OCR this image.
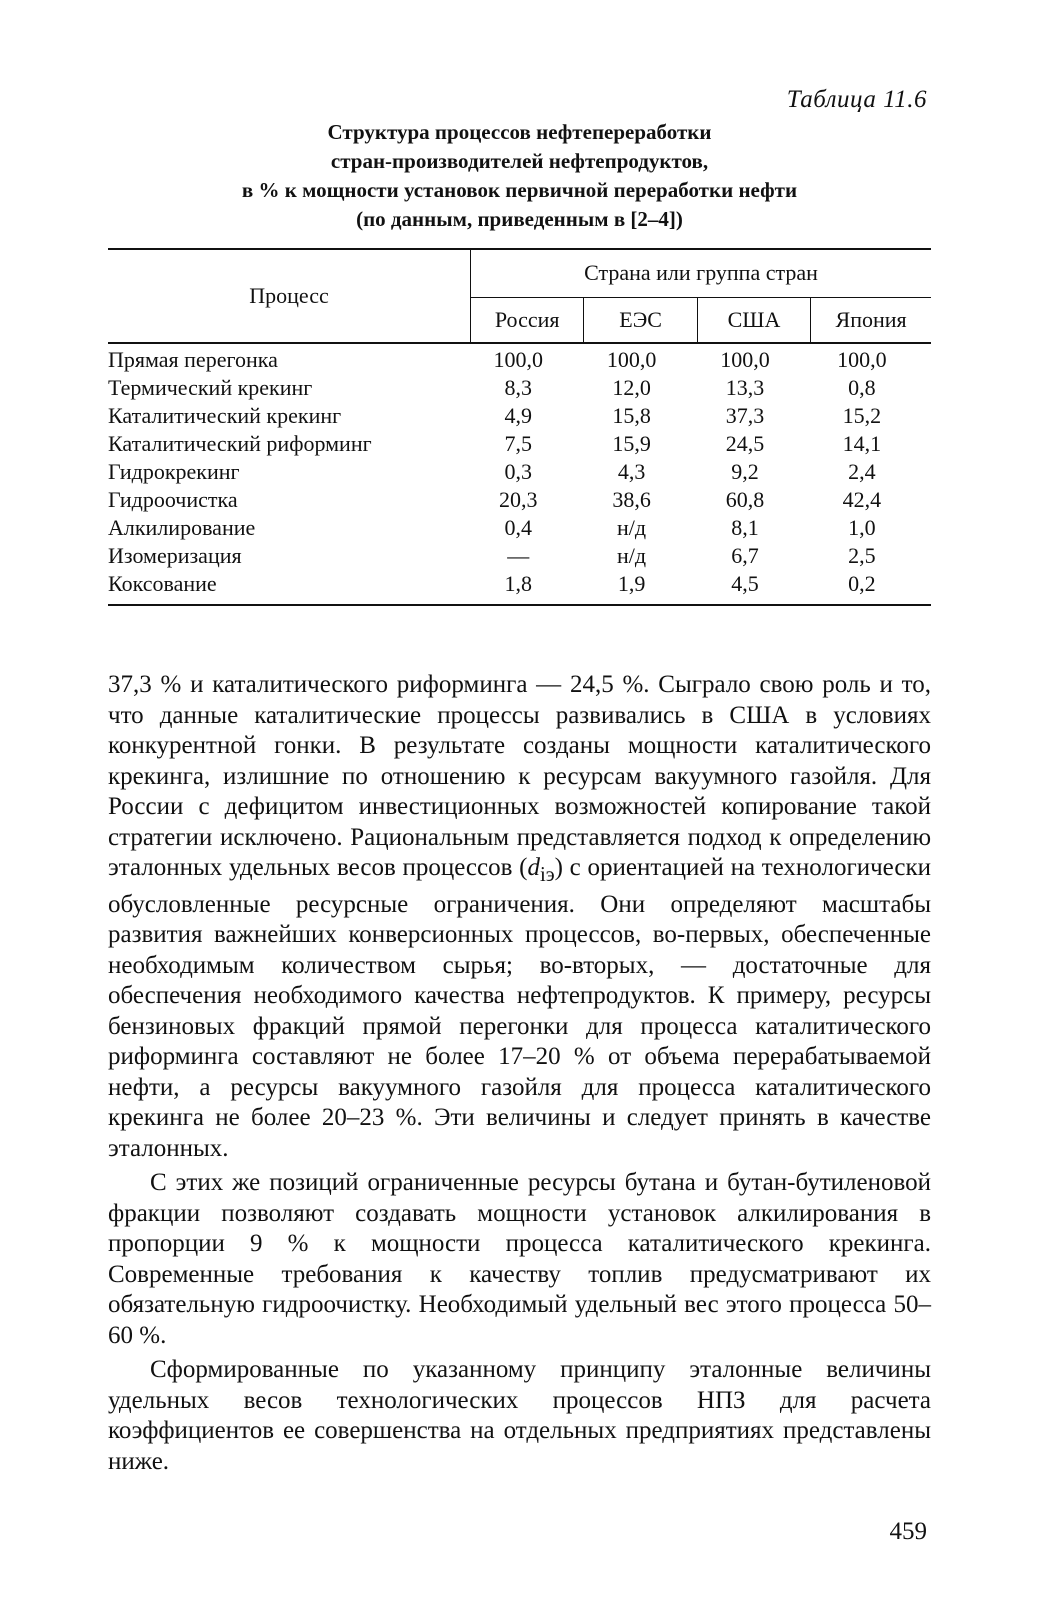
Таблица 11.6
Структура процессов нефтепереработки
стран-производителей нефтепродуктов,
в % к мощности установок первичной переработки нефти
(по данным, приведенным в [2–4])
Процесс	Страна или группа стран			
	Россия	ЕЭС	США	Япония
Прямая перегонка	100,0	100,0	100,0	100,0
Термический крекинг	8,3	12,0	13,3	0,8
Каталитический крекинг	4,9	15,8	37,3	15,2
Каталитический риформинг	7,5	15,9	24,5	14,1
Гидрокрекинг	0,3	4,3	9,2	2,4
Гидроочистка	20,3	38,6	60,8	42,4
Алкилирование	0,4	н/д	8,1	1,0
Изомеризация	—	н/д	6,7	2,5
Коксование	1,8	1,9	4,5	0,2

37,3 % и каталитического риформинга — 24,5 %. Сыграло свою роль и то, что данные каталитические процессы развивались в США в условиях конкурентной гонки. В результате созданы мощности каталитического крекинга, излишние по отношению к ресурсам вакуумного газойля. Для России с дефицитом инвестиционных возможностей копирование такой стратегии исключено. Рациональным представляется подход к определению эталонных удельных весов процессов $(d_{iэ})$ с ориентацией на технологически обусловленные ресурсные ограничения. Они определяют масштабы развития важнейших конверсионных процессов, во-первых, обеспеченные необходимым количеством сырья; во-вторых, — достаточные для обеспечения необходимого качества нефтепродуктов. К примеру, ресурсы бензиновых фракций прямой перегонки для процесса каталитического риформинга составляют не более 17–20 % от объема перерабатываемой нефти, а ресурсы вакуумного газойля для процесса каталитического крекинга не более 20–23 %. Эти величины и следует принять в качестве эталонных.

С этих же позиций ограниченные ресурсы бутана и бутан-бутиленовой фракции позволяют создавать мощности установок алкилирования в пропорции 9 % к мощности процесса каталитического крекинга. Современные требования к качеству топлив предусматривают их обязательную гидроочистку. Необходимый удельный вес этого процесса 50–60 %.

Сформированные по указанному принципу эталонные величины удельных весов технологических процессов НПЗ для расчета коэффициентов ее совершенства на отдельных предприятиях представлены ниже.

459
